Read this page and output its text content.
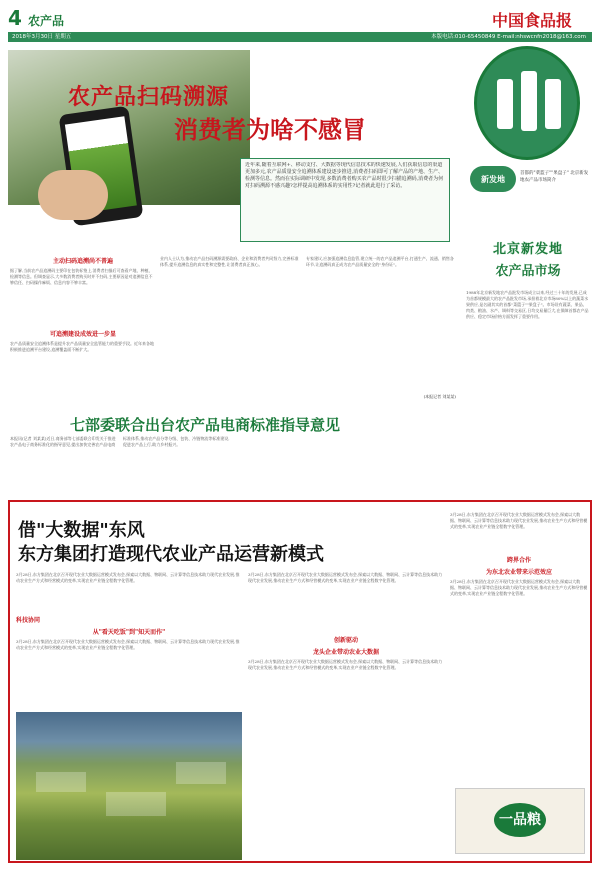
4 农产品	中国食品报
2018年3月30日 星期五	本版电话:010-65450849 E-mail:nhswcnfn2018@163.com
农产品扫码溯源
消费者为啥不感冒
近年来,随着互联网+、移动支付、大数据等现代信息技术的快速发展,人们获取信息的渠道更加多元,农产品质量安全追溯体系建设逐步推进,消费者扫码即可了解产品的产地、生产、检测等信息。然而在实际调研中发现,多数消费者购买农产品时很少扫描追溯码,消费者为何对扫码溯源不感兴趣?怎样提高追溯体系的实用性?记者就此进行了采访。
主动扫码追溯尚不普遍
据了解,当前农产品追溯码主要印在包装标签上,消费者扫描后可查看产地、种植、检测等信息。但调查显示,大多数消费者购买时并不扫码,主要原因是对追溯信息不够信任、扫码操作麻烦、信息内容不够丰富。
可追溯建设成效进一步显
农产品质量安全追溯体系是提升农产品质量安全监管能力的重要手段。近年来各地积极推进追溯平台建设,追溯覆盖面不断扩大。
业内人士认为,推动农产品扫码溯源需要政府、企业和消费者共同努力,完善标准体系,提升追溯信息的真实性和完整性,让消费者真正放心。
专家建议,应加强追溯信息监管,建立统一的农产品追溯平台,打通生产、流通、销售各环节,让追溯码真正成为农产品质量安全的"身份证"。
(本报记者 刘某某)
新发地
首都的"菜篮子""果盘子" 北京新发地农产品市场简介
北京新发地
农产品市场
1988年北京新发地农产品批发市场成立以来,经过三十年的发展,已成为首都规模最大的农产品批发市场,承担着北京市场80%以上的蔬菜水果供应,是名副其实的首都"菜篮子""果盘子"。市场设有蔬菜、果品、肉类、粮油、水产、调料等交易区,日均交易量巨大,在保障首都农产品供应、稳定市场价格方面发挥了重要作用。
七部委联合出台农产品电商标准指导意见
本报讯(记者 刘某某)近日,商务部等七部委联合印发关于推进农产品电子商务标准化的指导意见,提出加快完善农产品电商标准体系,推动农产品分等分级、包装、冷链物流等标准建设,促进农产品上行,助力乡村振兴。
借"大数据"东风
东方集团打造现代农业产品运营新模式
3月28日,东方集团在北京召开现代农业大数据运营模式发布会,探索以大数据、物联网、云计算等信息技术助力现代农业发展,推动农业生产方式和经营模式的变革,实现农业产业链全程数字化管理。
科技协同
从"看天吃饭"到"知天而作"
3月28日,东方集团在北京召开现代农业大数据运营模式发布会,探索以大数据、物联网、云计算等信息技术助力现代农业发展,推动农业生产方式和经营模式的变革,实现农业产业链全程数字化管理。
3月28日,东方集团在北京召开现代农业大数据运营模式发布会,探索以大数据、物联网、云计算等信息技术助力现代农业发展,推动农业生产方式和经营模式的变革,实现农业产业链全程数字化管理。
创新驱动
龙头企业带动农业大数据
3月28日,东方集团在北京召开现代农业大数据运营模式发布会,探索以大数据、物联网、云计算等信息技术助力现代农业发展,推动农业生产方式和经营模式的变革,实现农业产业链全程数字化管理。
3月28日,东方集团在北京召开现代农业大数据运营模式发布会,探索以大数据、物联网、云计算等信息技术助力现代农业发展,推动农业生产方式和经营模式的变革,实现农业产业链全程数字化管理。
跨界合作
为东北农业带来示范效应
3月28日,东方集团在北京召开现代农业大数据运营模式发布会,探索以大数据、物联网、云计算等信息技术助力现代农业发展,推动农业生产方式和经营模式的变革,实现农业产业链全程数字化管理。
一品粮
